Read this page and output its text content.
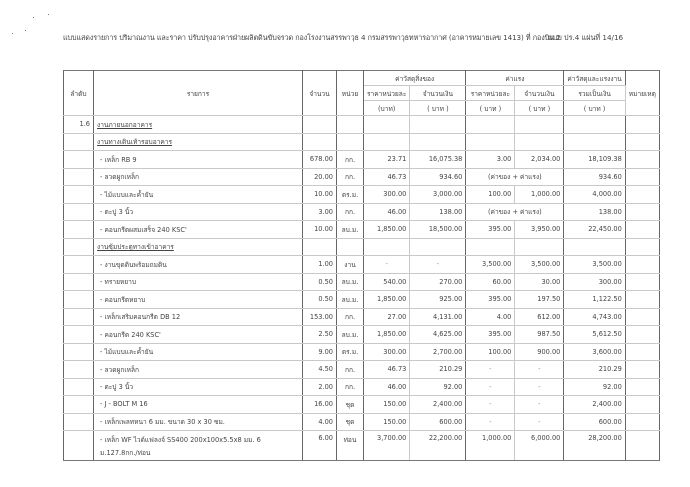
แบบแสดงรายการ ปริมาณงาน และราคา ปรับปรุงอาคารฝ่ายผลิตดินขับจรวด กองโรงงานสรรพาวุธ 4 กรมสรรพาวุธทหารอากาศ (อาคารหมายเลข 1413) ที่ กองบิน 2
แบบ ปร.4 แผ่นที่ 14/16
ลำดับ	รายการ	จำนวน	หน่วย	ค่าวัสดุสิ่งของ		ค่าแรง		ค่าวัสดุและแรงงาน	หมายเหตุ
				ราคาหน่วยละ	จำนวนเงิน	ราคาหน่วยละ	จำนวนเงิน	รวมเป็นเงิน	
				(บาท)	( บาท )	( บาท )	( บาท )	( บาท )	
1.6	งานภายนอกอาคาร								
	งานทางเดินเท้ารอบอาคาร								
	- เหล็ก RB 9	678.00	กก.	23.71	16,075.38	3.00	2,034.00	18,109.38	
	- ลวดผูกเหล็ก	20.00	กก.	46.73	934.60	(ค่าของ + ค่าแรง)		934.60	
	- ไม้แบบและค้ำยัน	10.00	ตร.ม.	300.00	3,000.00	100.00	1,000.00	4,000.00	
	- ตะปู 3 นิ้ว	3.00	กก.	46.00	138.00	(ค่าของ + ค่าแรง)		138.00	
	- คอนกรีตผสมเสร็จ 240 KSC'	10.00	ลบ.ม.	1,850.00	18,500.00	395.00	3,950.00	22,450.00	
	งานซุ้มประตูทางเข้าอาคาร								
	- งานขุดดินพร้อมถมดิน	1.00	งาน	-	-	3,500.00	3,500.00	3,500.00	
	- ทรายหยาบ	0.50	ลบ.ม.	540.00	270.00	60.00	30.00	300.00	
	- คอนกรีตหยาบ	0.50	ลบ.ม.	1,850.00	925.00	395.00	197.50	1,122.50	
	- เหล็กเสริมคอนกรีต DB 12	153.00	กก.	27.00	4,131.00	4.00	612.00	4,743.00	
	- คอนกรีต 240 KSC'	2.50	ลบ.ม.	1,850.00	4,625.00	395.00	987.50	5,612.50	
	- ไม้แบบและค้ำยัน	9.00	ตร.ม.	300.00	2,700.00	100.00	900.00	3,600.00	
	- ลวดผูกเหล็ก	4.50	กก.	46.73	210.29	-	-	210.29	
	- ตะปู 3 นิ้ว	2.00	กก.	46.00	92.00	-	-	92.00	
	- J - BOLT M 16	16.00	ชุด	150.00	2,400.00	-	-	2,400.00	
	- เหล็กเพลทหนา 6 มม. ขนาด 30 x 30 ซม.	4.00	ชุด	150.00	600.00	-	-	600.00	
	- เหล็ก WF ไวด์แฟลงจ์ SS400 200x100x5.5x8 มม. 6 ม.127.8กก./ท่อน	6.00	ท่อน	3,700.00	22,200.00	1,000.00	6,000.00	28,200.00	
